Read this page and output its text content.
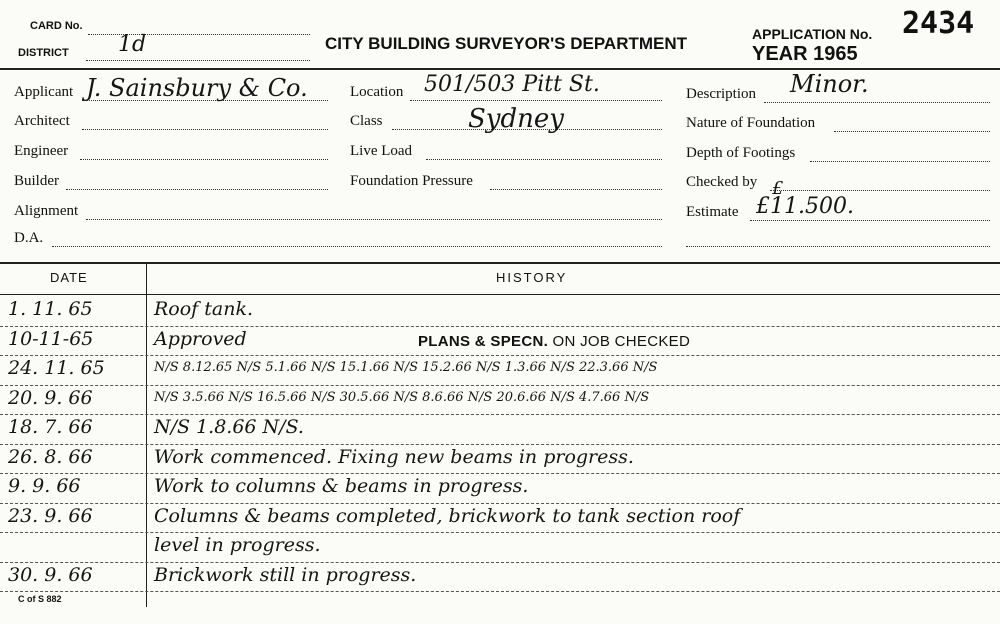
CARD No.
DISTRICT 1d	CITY BUILDING SURVEYOR'S DEPARTMENT	APPLICATION No. 2434
YEAR 1965
Applicant J. Sainsbury & Co.
Architect
Engineer
Builder
Alignment
D.A.
Location 501/503 Pitt St.
Class	Sydney
Live Load
Foundation Pressure
Description Minor.
Nature of Foundation
Depth of Footings
Checked by £
Estimate £11.500.
DATE	HISTORY
1. 11. 65	Roof tank.
10-11-65	Approved
24. 11. 65	N/S 8.12.65 N/S 5.1.66 N/S 15.1.66 N/S 15.2.66 N/S 1.3.66 N/S 22.3.66 N/S
20. 9. 66	N/S 3.5.66 N/S 16.5.66 N/S 30.5.66 N/S 8.6.66 N/S 20.6.66 N/S 4.7.66 N/S
18. 7. 66	N/S 1.8.66 N/S.
26. 8. 66	Work commenced. Fixing new beams in progress.
9. 9. 66	Work to columns & beams in progress.
23. 9. 66	Columns & beams completed, brickwork to tank section roof
level in progress.
30. 9. 66	Brickwork still in progress.
PLANS & SPECN. ON JOB CHECKED
C of S 882
